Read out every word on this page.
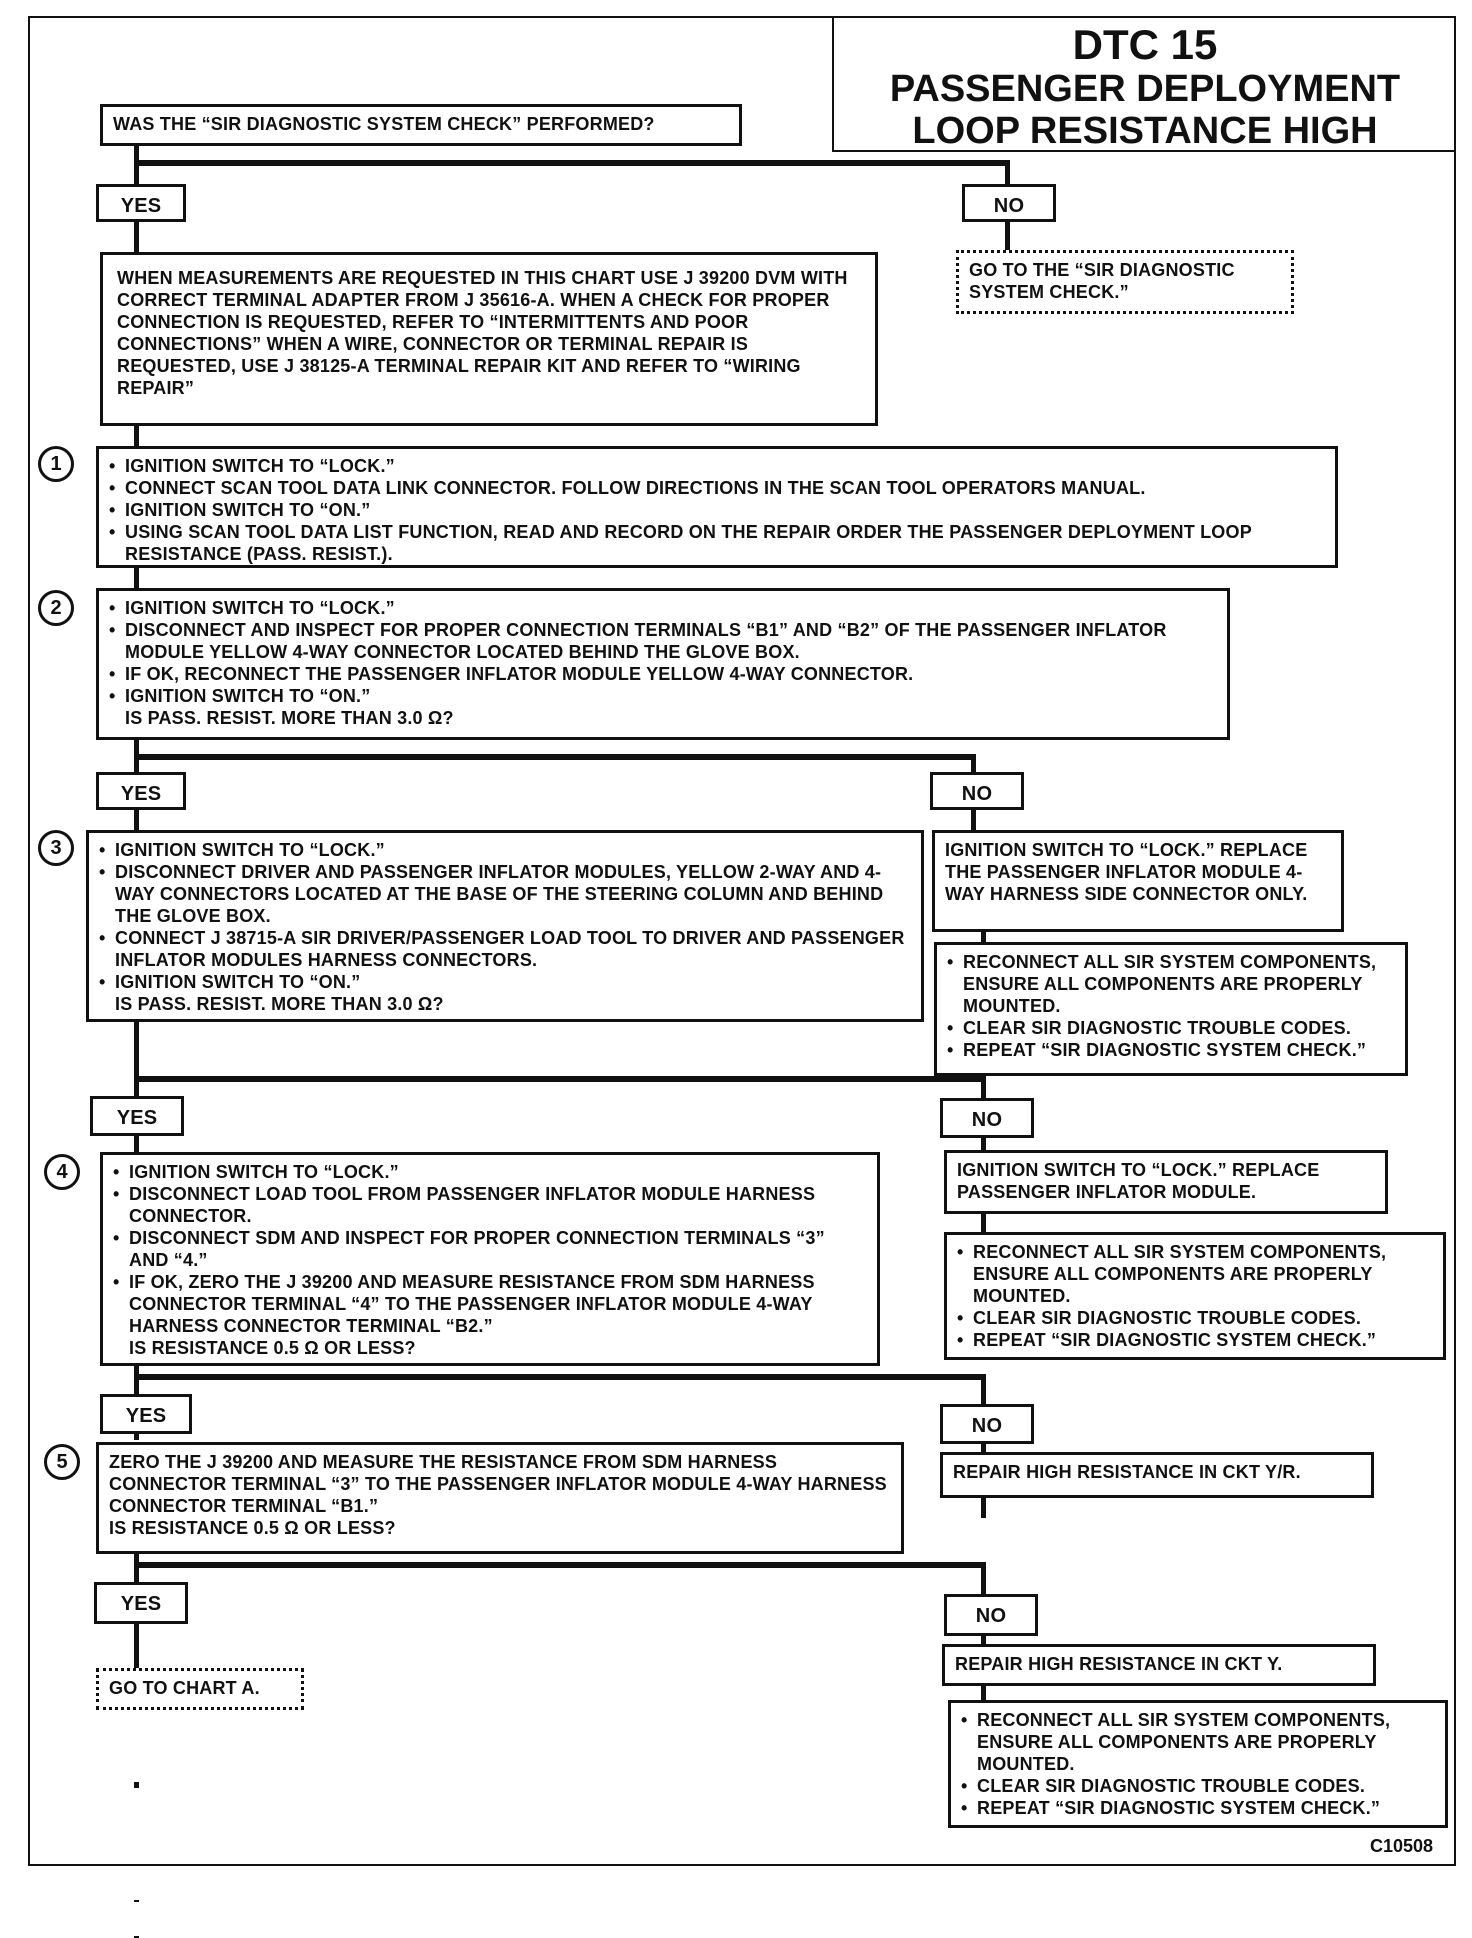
DTC 15
PASSENGER DEPLOYMENT
LOOP RESISTANCE HIGH
WAS THE “SIR DIAGNOSTIC SYSTEM CHECK” PERFORMED?
YES	NO
GO TO THE “SIR DIAGNOSTIC SYSTEM CHECK.”
WHEN MEASUREMENTS ARE REQUESTED IN THIS CHART USE J 39200 DVM WITH CORRECT TERMINAL ADAPTER FROM J 35616-A. WHEN A CHECK FOR PROPER CONNECTION IS REQUESTED, REFER TO “INTERMITTENTS AND POOR CONNECTIONS” WHEN A WIRE, CONNECTOR OR TERMINAL REPAIR IS REQUESTED, USE J 38125-A TERMINAL REPAIR KIT AND REFER TO “WIRING REPAIR”
1	• IGNITION SWITCH TO “LOCK.”
• CONNECT SCAN TOOL DATA LINK CONNECTOR. FOLLOW DIRECTIONS IN THE SCAN TOOL OPERATORS MANUAL.
• IGNITION SWITCH TO “ON.”
• USING SCAN TOOL DATA LIST FUNCTION, READ AND RECORD ON THE REPAIR ORDER THE PASSENGER DEPLOYMENT LOOP RESISTANCE (PASS. RESIST.).
2	• IGNITION SWITCH TO “LOCK.”
• DISCONNECT AND INSPECT FOR PROPER CONNECTION TERMINALS “B1” AND “B2” OF THE PASSENGER INFLATOR MODULE YELLOW 4-WAY CONNECTOR LOCATED BEHIND THE GLOVE BOX.
• IF OK, RECONNECT THE PASSENGER INFLATOR MODULE YELLOW 4-WAY CONNECTOR.
• IGNITION SWITCH TO “ON.”
IS PASS. RESIST. MORE THAN 3.0 Ω?
YES	NO
3	• IGNITION SWITCH TO “LOCK.”
• DISCONNECT DRIVER AND PASSENGER INFLATOR MODULES, YELLOW 2-WAY AND 4-WAY CONNECTORS LOCATED AT THE BASE OF THE STEERING COLUMN AND BEHIND THE GLOVE BOX.
• CONNECT J 38715-A SIR DRIVER/PASSENGER LOAD TOOL TO DRIVER AND PASSENGER INFLATOR MODULES HARNESS CONNECTORS.
• IGNITION SWITCH TO “ON.”
IS PASS. RESIST. MORE THAN 3.0 Ω?
IGNITION SWITCH TO “LOCK.” REPLACE THE PASSENGER INFLATOR MODULE 4-WAY HARNESS SIDE CONNECTOR ONLY.
• RECONNECT ALL SIR SYSTEM COMPONENTS, ENSURE ALL COMPONENTS ARE PROPERLY MOUNTED.
• CLEAR SIR DIAGNOSTIC TROUBLE CODES.
• REPEAT “SIR DIAGNOSTIC SYSTEM CHECK.”
YES	NO
4	• IGNITION SWITCH TO “LOCK.”
• DISCONNECT LOAD TOOL FROM PASSENGER INFLATOR MODULE HARNESS CONNECTOR.
• DISCONNECT SDM AND INSPECT FOR PROPER CONNECTION TERMINALS “3” AND “4.”
• IF OK, ZERO THE J 39200 AND MEASURE RESISTANCE FROM SDM HARNESS CONNECTOR TERMINAL “4” TO THE PASSENGER INFLATOR MODULE 4-WAY HARNESS CONNECTOR TERMINAL “B2.”
IS RESISTANCE 0.5 Ω OR LESS?
IGNITION SWITCH TO “LOCK.” REPLACE PASSENGER INFLATOR MODULE.
• RECONNECT ALL SIR SYSTEM COMPONENTS, ENSURE ALL COMPONENTS ARE PROPERLY MOUNTED.
• CLEAR SIR DIAGNOSTIC TROUBLE CODES.
• REPEAT “SIR DIAGNOSTIC SYSTEM CHECK.”
YES	NO
5	ZERO THE J 39200 AND MEASURE THE RESISTANCE FROM SDM HARNESS CONNECTOR TERMINAL “3” TO THE PASSENGER INFLATOR MODULE 4-WAY HARNESS CONNECTOR TERMINAL “B1.”
IS RESISTANCE 0.5 Ω OR LESS?
REPAIR HIGH RESISTANCE IN CKT Y/R.
YES
NO
GO TO CHART A.
REPAIR HIGH RESISTANCE IN CKT Y.
• RECONNECT ALL SIR SYSTEM COMPONENTS, ENSURE ALL COMPONENTS ARE PROPERLY MOUNTED.
• CLEAR SIR DIAGNOSTIC TROUBLE CODES.
• REPEAT “SIR DIAGNOSTIC SYSTEM CHECK.”
C10508
